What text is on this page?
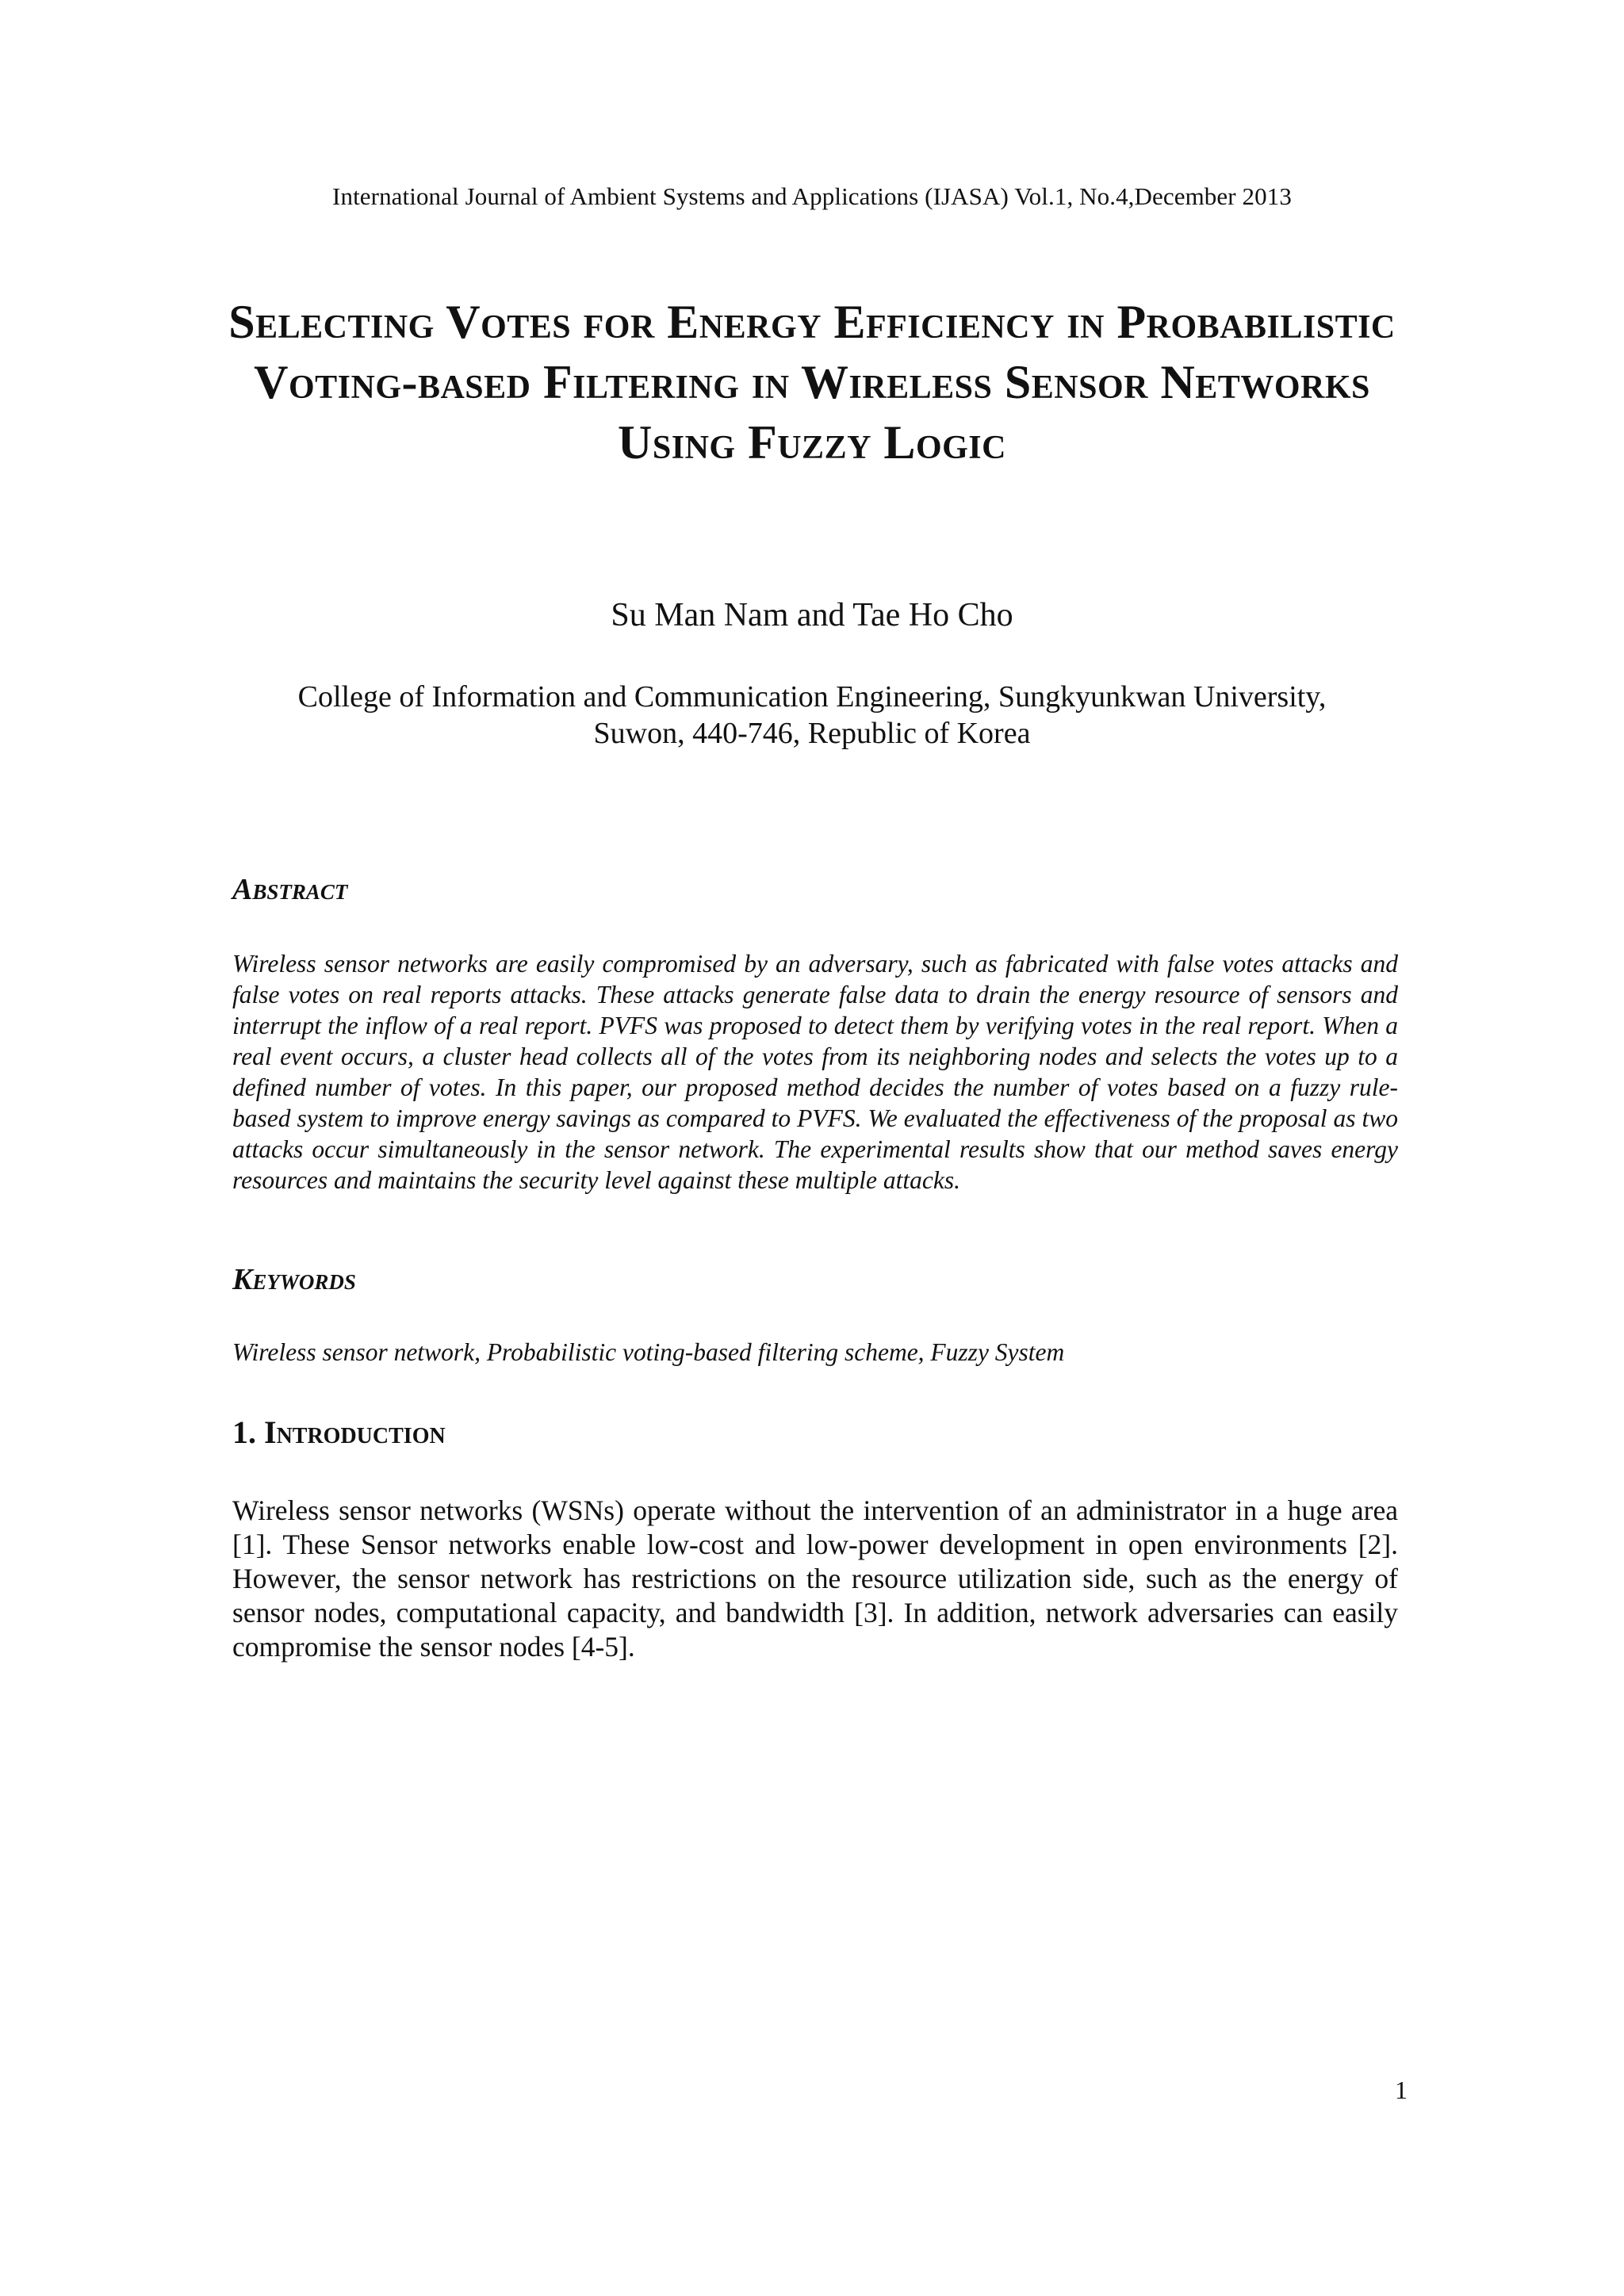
International Journal of Ambient Systems and Applications (IJASA) Vol.1, No.4,December 2013
Selecting Votes for Energy Efficiency in Probabilistic Voting-based Filtering in Wireless Sensor Networks Using Fuzzy Logic
Su Man Nam and Tae Ho Cho
College of Information and Communication Engineering, Sungkyunkwan University,
Suwon, 440-746, Republic of Korea
Abstract
Wireless sensor networks are easily compromised by an adversary, such as fabricated with false votes attacks and false votes on real reports attacks. These attacks generate false data to drain the energy resource of sensors and interrupt the inflow of a real report. PVFS was proposed to detect them by verifying votes in the real report. When a real event occurs, a cluster head collects all of the votes from its neighboring nodes and selects the votes up to a defined number of votes. In this paper, our proposed method decides the number of votes based on a fuzzy rule-based system to improve energy savings as compared to PVFS. We evaluated the effectiveness of the proposal as two attacks occur simultaneously in the sensor network. The experimental results show that our method saves energy resources and maintains the security level against these multiple attacks.
Keywords
Wireless sensor network, Probabilistic voting-based filtering scheme, Fuzzy System
1. Introduction
Wireless sensor networks (WSNs) operate without the intervention of an administrator in a huge area [1]. These Sensor networks enable low-cost and low-power development in open environments [2]. However, the sensor network has restrictions on the resource utilization side, such as the energy of sensor nodes, computational capacity, and bandwidth [3]. In addition, network adversaries can easily compromise the sensor nodes [4-5].
1
